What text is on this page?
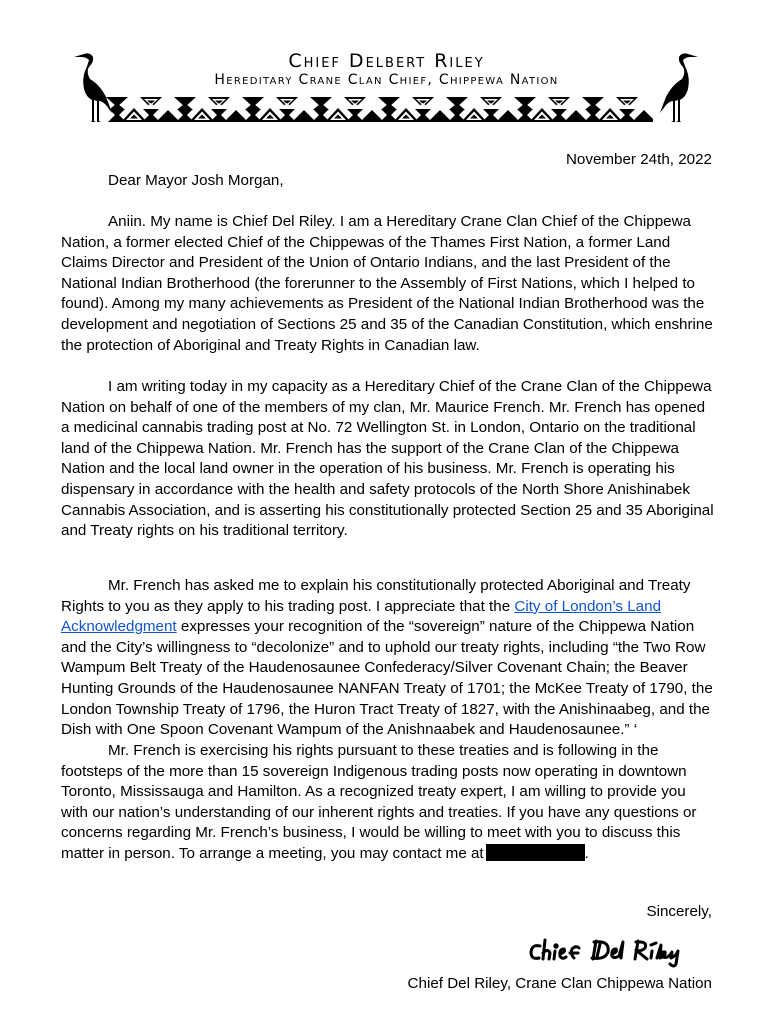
Chief Delbert Riley
Hereditary Crane Clan Chief, Chippewa Nation
November 24th, 2022
Dear Mayor Josh Morgan,
Aniin. My name is Chief Del Riley. I am a Hereditary Crane Clan Chief of the Chippewa Nation, a former elected Chief of the Chippewas of the Thames First Nation, a former Land Claims Director and President of the Union of Ontario Indians, and the last President of the National Indian Brotherhood (the forerunner to the Assembly of First Nations, which I helped to found). Among my many achievements as President of the National Indian Brotherhood was the development and negotiation of Sections 25 and 35 of the Canadian Constitution, which enshrine the protection of Aboriginal and Treaty Rights in Canadian law.
I am writing today in my capacity as a Hereditary Chief of the Crane Clan of the Chippewa Nation on behalf of one of the members of my clan, Mr. Maurice French. Mr. French has opened a medicinal cannabis trading post at No. 72 Wellington St. in London, Ontario on the traditional land of the Chippewa Nation. Mr. French has the support of the Crane Clan of the Chippewa Nation and the local land owner in the operation of his business. Mr. French is operating his dispensary in accordance with the health and safety protocols of the North Shore Anishinabek Cannabis Association, and is asserting his constitutionally protected Section 25 and 35 Aboriginal and Treaty rights on his traditional territory.
Mr. French has asked me to explain his constitutionally protected Aboriginal and Treaty Rights to you as they apply to his trading post. I appreciate that the City of London’s Land Acknowledgment expresses your recognition of the “sovereign” nature of the Chippewa Nation and the City’s willingness to “decolonize” and to uphold our treaty rights, including “the Two Row Wampum Belt Treaty of the Haudenosaunee Confederacy/Silver Covenant Chain; the Beaver Hunting Grounds of the Haudenosaunee NANFAN Treaty of 1701; the McKee Treaty of 1790, the London Township Treaty of 1796, the Huron Tract Treaty of 1827, with the Anishinaabeg, and the Dish with One Spoon Covenant Wampum of the Anishnaabek and Haudenosaunee.” ‘
Mr. French is exercising his rights pursuant to these treaties and is following in the footsteps of the more than 15 sovereign Indigenous trading posts now operating in downtown Toronto, Mississauga and Hamilton. As a recognized treaty expert, I am willing to provide you with our nation’s understanding of our inherent rights and treaties. If you have any questions or concerns regarding Mr. French’s business, I would be willing to meet with you to discuss this matter in person. To arrange a meeting, you may contact me at	.
Sincerely,
Chief Del Riley, Crane Clan Chippewa Nation
